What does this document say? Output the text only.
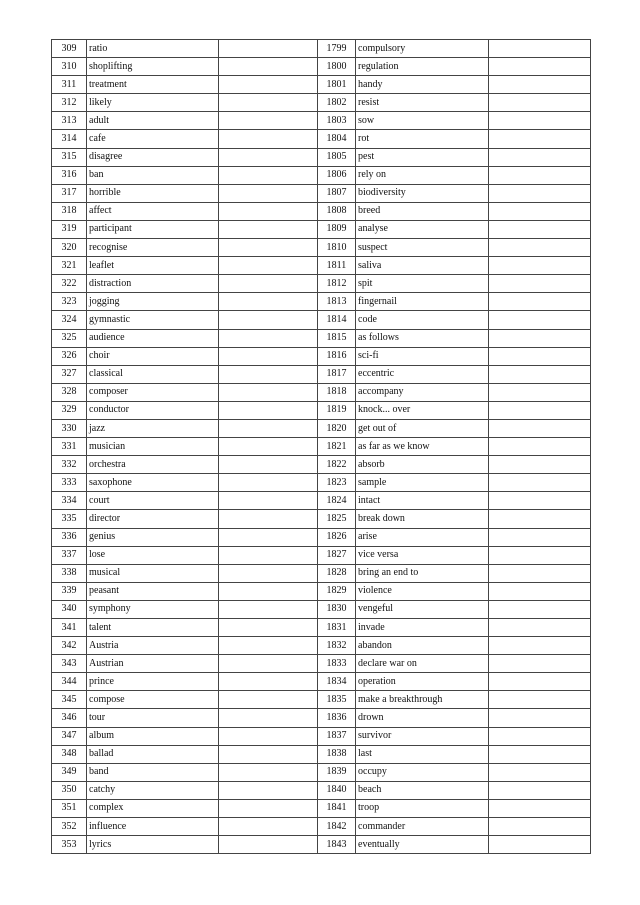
309	ratio		1799	compulsory	
310	shoplifting		1800	regulation	
311	treatment		1801	handy	
312	likely		1802	resist	
313	adult		1803	sow	
314	cafe		1804	rot	
315	disagree		1805	pest	
316	ban		1806	rely on	
317	horrible		1807	biodiversity	
318	affect		1808	breed	
319	participant		1809	analyse	
320	recognise		1810	suspect	
321	leaflet		1811	saliva	
322	distraction		1812	spit	
323	jogging		1813	fingernail	
324	gymnastic		1814	code	
325	audience		1815	as follows	
326	choir		1816	sci-fi	
327	classical		1817	eccentric	
328	composer		1818	accompany	
329	conductor		1819	knock... over	
330	jazz		1820	get out of	
331	musician		1821	as far as we know	
332	orchestra		1822	absorb	
333	saxophone		1823	sample	
334	court		1824	intact	
335	director		1825	break down	
336	genius		1826	arise	
337	lose		1827	vice versa	
338	musical		1828	bring an end to	
339	peasant		1829	violence	
340	symphony		1830	vengeful	
341	talent		1831	invade	
342	Austria		1832	abandon	
343	Austrian		1833	declare war on	
344	prince		1834	operation	
345	compose		1835	make a breakthrough	
346	tour		1836	drown	
347	album		1837	survivor	
348	ballad		1838	last	
349	band		1839	occupy	
350	catchy		1840	beach	
351	complex		1841	troop	
352	influence		1842	commander	
353	lyrics		1843	eventually	
